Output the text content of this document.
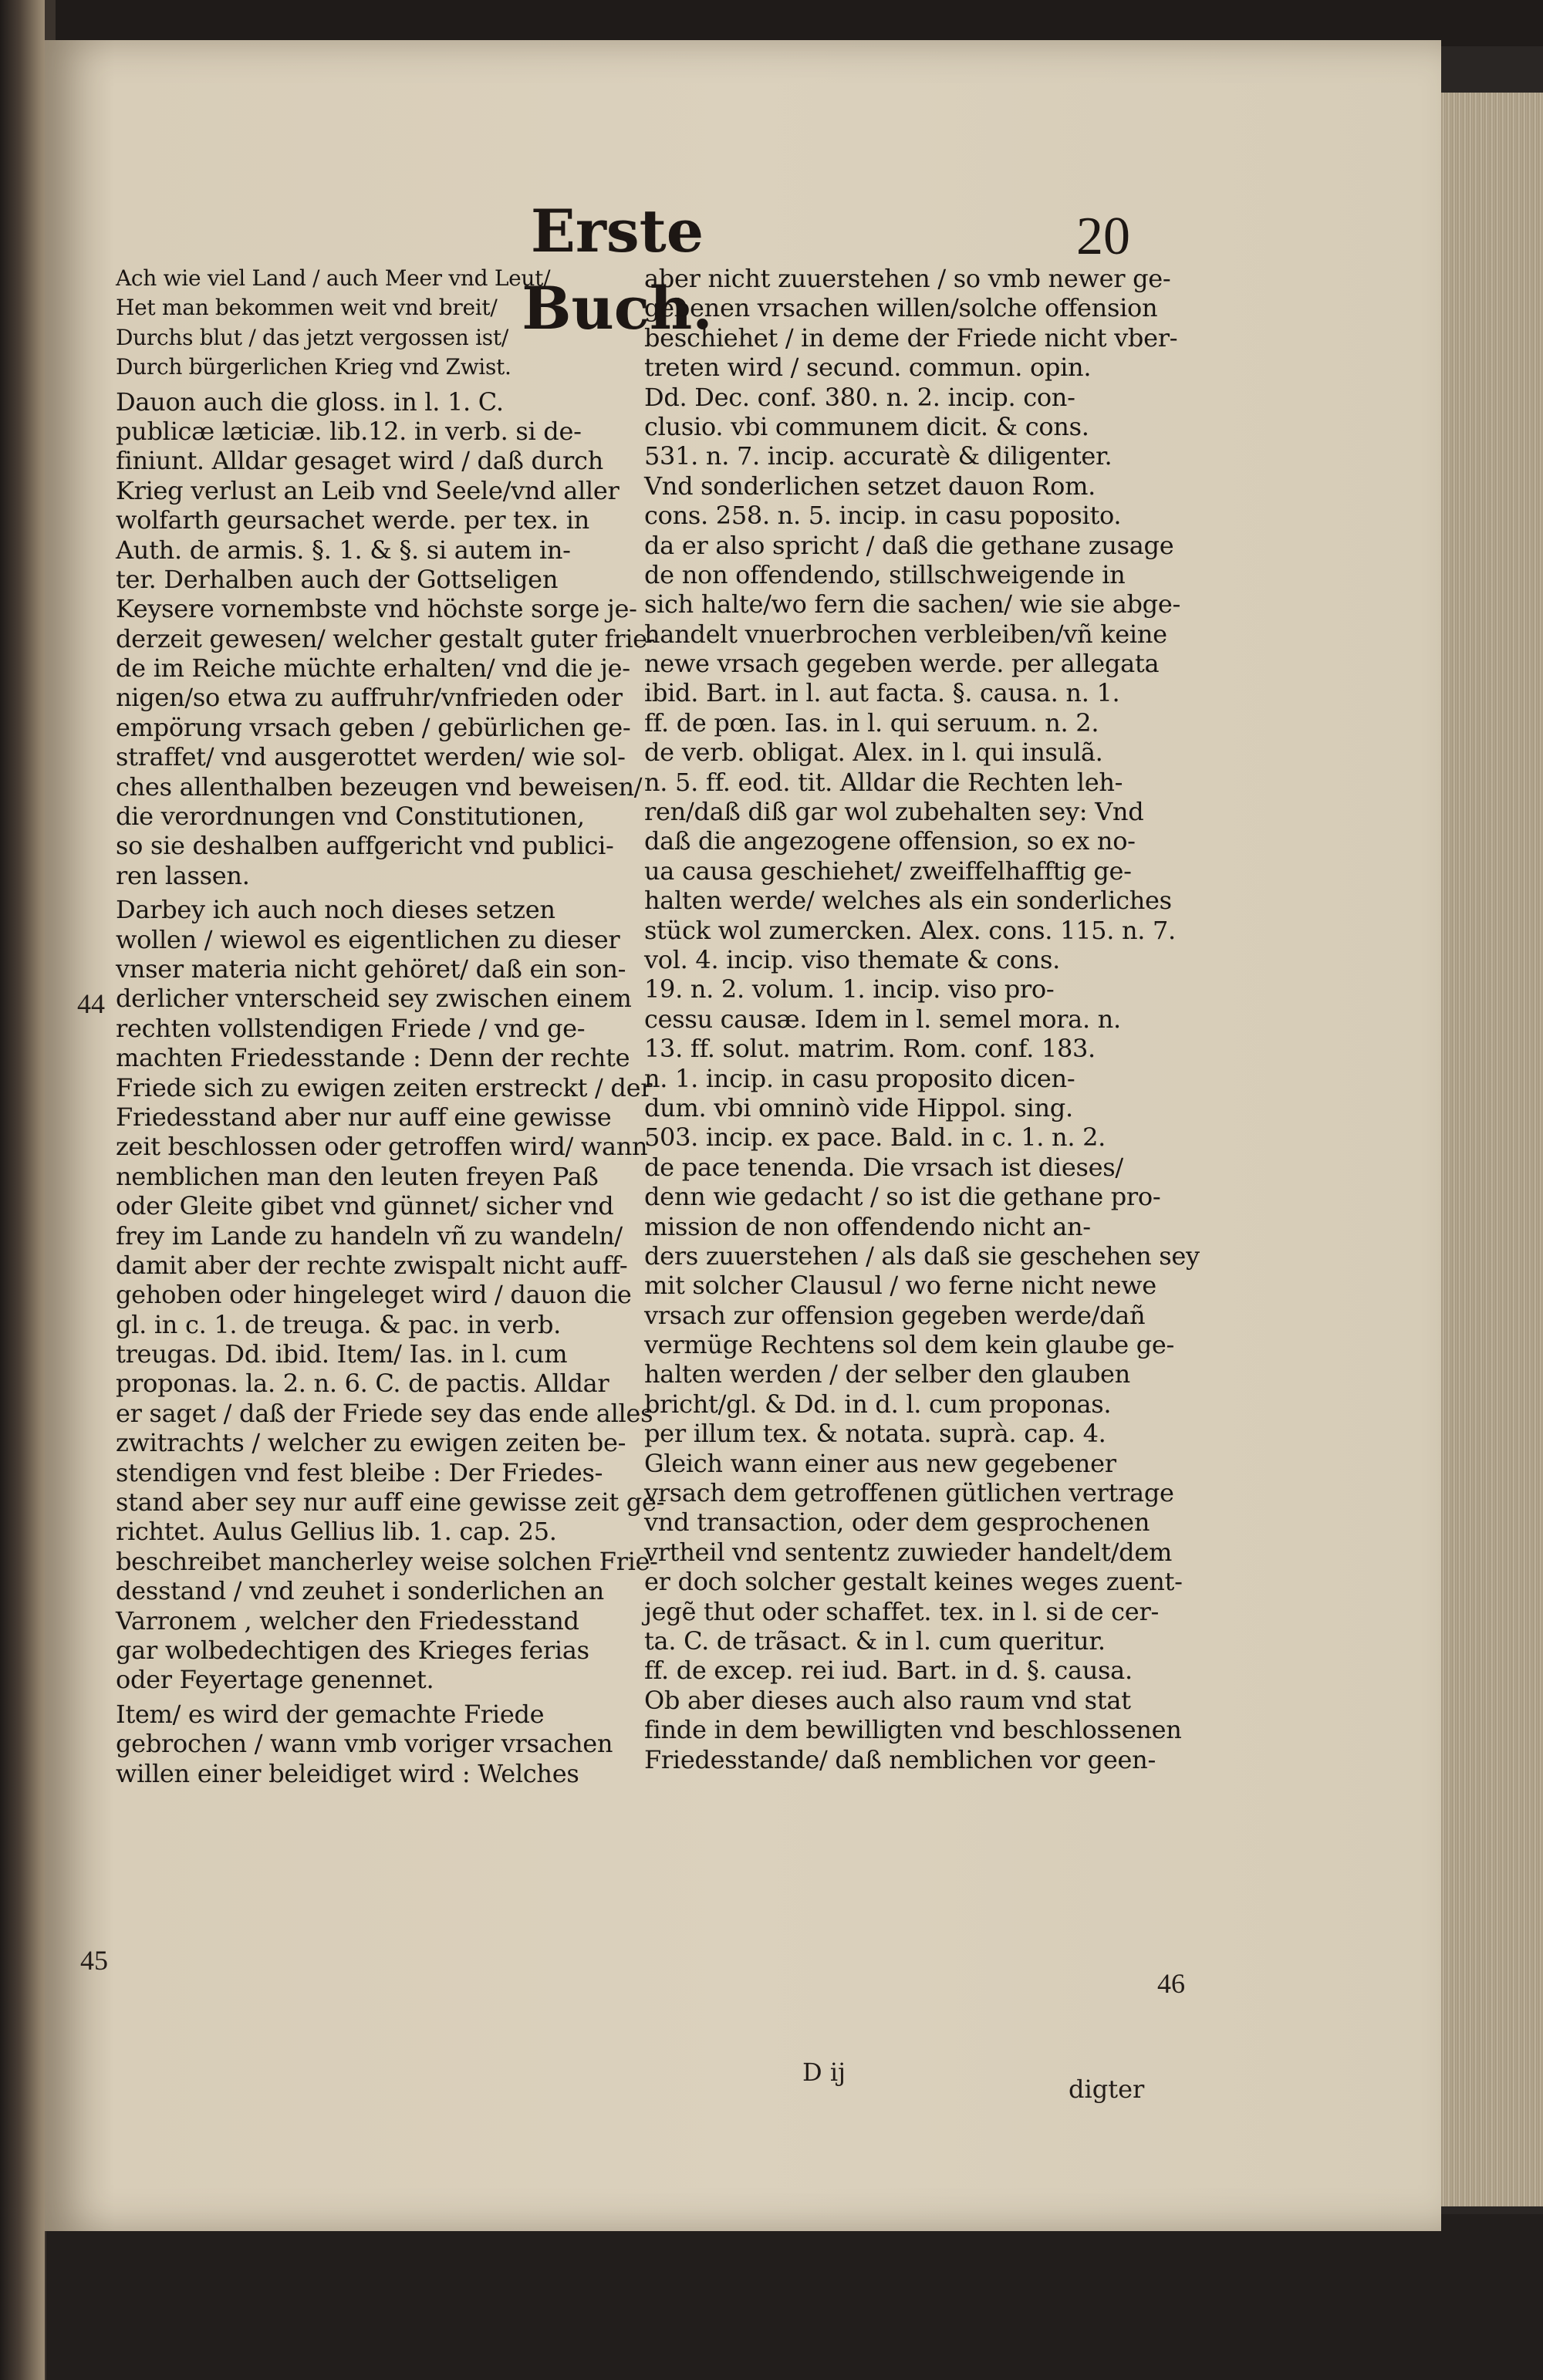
Erste Buch.
20
Ach wie viel Land / auch Meer vnd Leut/
Het man bekommen weit vnd breit/
Durchs blut / das jetzt vergossen ist/
Durch bürgerlichen Krieg vnd Zwist.
Dauon auch die gloss. in l. 1. C.
publicæ læticiæ. lib.12. in verb. si de-
finiunt. Alldar gesaget wird / daß durch
Krieg verlust an Leib vnd Seele/vnd aller
wolfarth geursachet werde. per tex. in
Auth. de armis. §. 1. & §. si autem in-
ter. Derhalben auch der Gottseligen
Keysere vornembste vnd höchste sorge je-
derzeit gewesen/ welcher gestalt guter frie-
de im Reiche müchte erhalten/ vnd die je-
nigen/so etwa zu auffruhr/vnfrieden oder
empörung vrsach geben / gebürlichen ge-
straffet/ vnd ausgerottet werden/ wie sol-
ches allenthalben bezeugen vnd beweisen/
die verordnungen vnd Constitutionen,
so sie deshalben auffgericht vnd publici-
ren lassen.
Darbey ich auch noch dieses setzen
wollen / wiewol es eigentlichen zu dieser
vnser materia nicht gehöret/ daß ein son-
derlicher vnterscheid sey zwischen einem
rechten vollstendigen Friede / vnd ge-
machten Friedesstande : Denn der rechte
Friede sich zu ewigen zeiten erstreckt / der
Friedesstand aber nur auff eine gewisse
zeit beschlossen oder getroffen wird/ wann
nemblichen man den leuten freyen Paß
oder Gleite gibet vnd günnet/ sicher vnd
frey im Lande zu handeln vñ zu wandeln/
damit aber der rechte zwispalt nicht auff-
gehoben oder hingeleget wird / dauon die
gl. in c. 1. de treuga. & pac. in verb.
treugas. Dd. ibid. Item/ Ias. in l. cum
proponas. la. 2. n. 6. C. de pactis. Alldar
er saget / daß der Friede sey das ende alles
zwitrachts / welcher zu ewigen zeiten be-
stendigen vnd fest bleibe : Der Friedes-
stand aber sey nur auff eine gewisse zeit ge-
richtet. Aulus Gellius lib. 1. cap. 25.
beschreibet mancherley weise solchen Frie-
desstand / vnd zeuhet i sonderlichen an
Varronem , welcher den Friedesstand
gar wolbedechtigen des Krieges ferias
oder Feyertage genennet.
Item/ es wird der gemachte Friede
gebrochen / wann vmb voriger vrsachen
willen einer beleidiget wird : Welches
aber nicht zuuerstehen / so vmb newer ge-
gebenen vrsachen willen/solche offension
beschiehet / in deme der Friede nicht vber-
treten wird / secund. commun. opin.
Dd. Dec. conf. 380. n. 2. incip. con-
clusio. vbi communem dicit. & cons.
531. n. 7. incip. accuratè & diligenter.
Vnd sonderlichen setzet dauon Rom.
cons. 258. n. 5. incip. in casu poposito.
da er also spricht / daß die gethane zusage
de non offendendo, stillschweigende in
sich halte/wo fern die sachen/ wie sie abge-
handelt vnuerbrochen verbleiben/vñ keine
newe vrsach gegeben werde. per allegata
ibid. Bart. in l. aut facta. §. causa. n. 1.
ff. de pœn. Ias. in l. qui seruum. n. 2.
de verb. obligat. Alex. in l. qui insulã.
n. 5. ff. eod. tit. Alldar die Rechten leh-
ren/daß diß gar wol zubehalten sey: Vnd
daß die angezogene offension, so ex no-
ua causa geschiehet/ zweiffelhafftig ge-
halten werde/ welches als ein sonderliches
stück wol zumercken. Alex. cons. 115. n. 7.
vol. 4. incip. viso themate & cons.
19. n. 2. volum. 1. incip. viso pro-
cessu causæ. Idem in l. semel mora. n.
13. ff. solut. matrim. Rom. conf. 183.
n. 1. incip. in casu proposito dicen-
dum. vbi omninò vide Hippol. sing.
503. incip. ex pace. Bald. in c. 1. n. 2.
de pace tenenda. Die vrsach ist dieses/
denn wie gedacht / so ist die gethane pro-
mission de non offendendo nicht an-
ders zuuerstehen / als daß sie geschehen sey
mit solcher Clausul / wo ferne nicht newe
vrsach zur offension gegeben werde/dañ
vermüge Rechtens sol dem kein glaube ge-
halten werden / der selber den glauben
bricht/gl. & Dd. in d. l. cum proponas.
per illum tex. & notata. suprà. cap. 4.
Gleich wann einer aus new gegebener
vrsach dem getroffenen gütlichen vertrage
vnd transaction, oder dem gesprochenen
vrtheil vnd sententz zuwieder handelt/dem
er doch solcher gestalt keines weges zuent-
jegẽ thut oder schaffet. tex. in l. si de cer-
ta. C. de trãsact. & in l. cum queritur.
ff. de excep. rei iud. Bart. in d. §. causa.
Ob aber dieses auch also raum vnd stat
finde in dem bewilligten vnd beschlossenen
Friedesstande/ daß nemblichen vor geen-
44
45
46
D ij
digter
